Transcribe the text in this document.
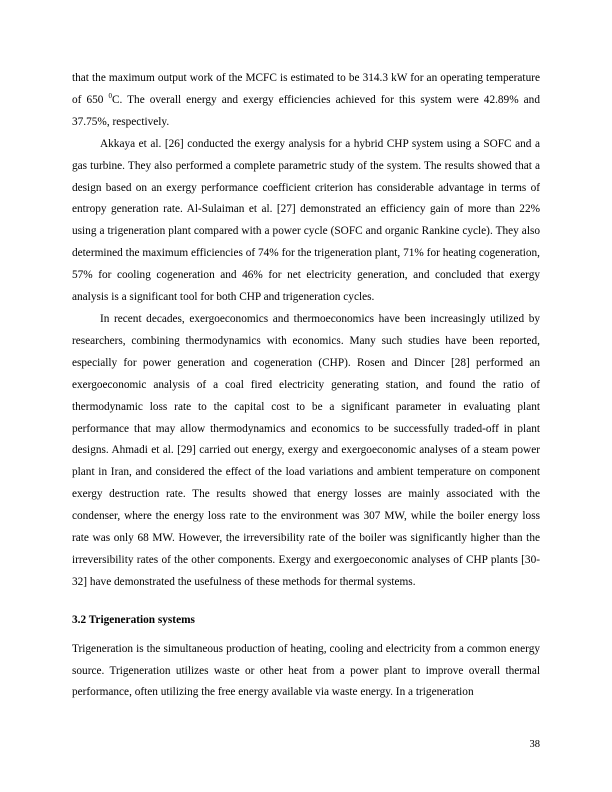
that the maximum output work of the MCFC is estimated to be 314.3 kW for an operating temperature of 650 $^0$C. The overall energy and exergy efficiencies achieved for this system were 42.89% and 37.75%, respectively.

Akkaya et al. [26] conducted the exergy analysis for a hybrid CHP system using a SOFC and a gas turbine. They also performed a complete parametric study of the system. The results showed that a design based on an exergy performance coefficient criterion has considerable advantage in terms of entropy generation rate. Al-Sulaiman et al. [27] demonstrated an efficiency gain of more than 22% using a trigeneration plant compared with a power cycle (SOFC and organic Rankine cycle). They also determined the maximum efficiencies of 74% for the trigeneration plant, 71% for heating cogeneration, 57% for cooling cogeneration and 46% for net electricity generation, and concluded that exergy analysis is a significant tool for both CHP and trigeneration cycles.

In recent decades, exergoeconomics and thermoeconomics have been increasingly utilized by researchers, combining thermodynamics with economics. Many such studies have been reported, especially for power generation and cogeneration (CHP). Rosen and Dincer [28] performed an exergoeconomic analysis of a coal fired electricity generating station, and found the ratio of thermodynamic loss rate to the capital cost to be a significant parameter in evaluating plant performance that may allow thermodynamics and economics to be successfully traded-off in plant designs. Ahmadi et al. [29] carried out energy, exergy and exergoeconomic analyses of a steam power plant in Iran, and considered the effect of the load variations and ambient temperature on component exergy destruction rate. The results showed that energy losses are mainly associated with the condenser, where the energy loss rate to the environment was 307 MW, while the boiler energy loss rate was only 68 MW. However, the irreversibility rate of the boiler was significantly higher than the irreversibility rates of the other components. Exergy and exergoeconomic analyses of CHP plants [30-32] have demonstrated the usefulness of these methods for thermal systems.

3.2 Trigeneration systems

Trigeneration is the simultaneous production of heating, cooling and electricity from a common energy source. Trigeneration utilizes waste or other heat from a power plant to improve overall thermal performance, often utilizing the free energy available via waste energy. In a trigeneration

38
